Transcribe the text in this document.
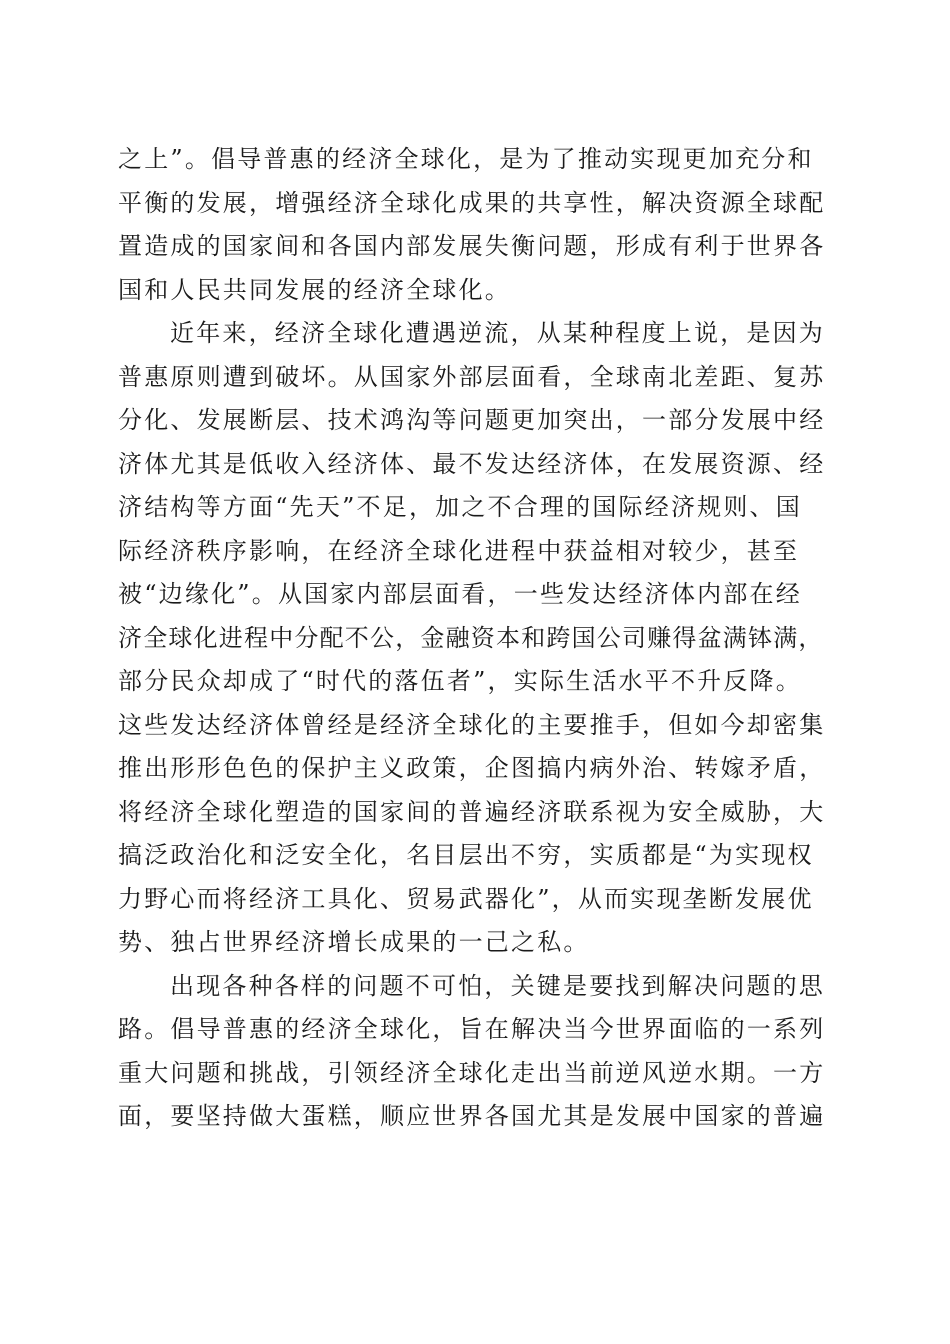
之上”。倡导普惠的经济全球化，是为了推动实现更加充分和
平衡的发展，增强经济全球化成果的共享性，解决资源全球配
置造成的国家间和各国内部发展失衡问题，形成有利于世界各
国和人民共同发展的经济全球化。
近年来，经济全球化遭遇逆流，从某种程度上说，是因为
普惠原则遭到破坏。从国家外部层面看，全球南北差距、复苏
分化、发展断层、技术鸿沟等问题更加突出，一部分发展中经
济体尤其是低收入经济体、最不发达经济体，在发展资源、经
济结构等方面“先天”不足，加之不合理的国际经济规则、国
际经济秩序影响，在经济全球化进程中获益相对较少，甚至
被“边缘化”。从国家内部层面看，一些发达经济体内部在经
济全球化进程中分配不公，金融资本和跨国公司赚得盆满钵满，
部分民众却成了“时代的落伍者”，实际生活水平不升反降。
这些发达经济体曾经是经济全球化的主要推手，但如今却密集
推出形形色色的保护主义政策，企图搞内病外治、转嫁矛盾，
将经济全球化塑造的国家间的普遍经济联系视为安全威胁，大
搞泛政治化和泛安全化，名目层出不穷，实质都是“为实现权
力野心而将经济工具化、贸易武器化”，从而实现垄断发展优
势、独占世界经济增长成果的一己之私。
出现各种各样的问题不可怕，关键是要找到解决问题的思
路。倡导普惠的经济全球化，旨在解决当今世界面临的一系列
重大问题和挑战，引领经济全球化走出当前逆风逆水期。一方
面，要坚持做大蛋糕，顺应世界各国尤其是发展中国家的普遍
